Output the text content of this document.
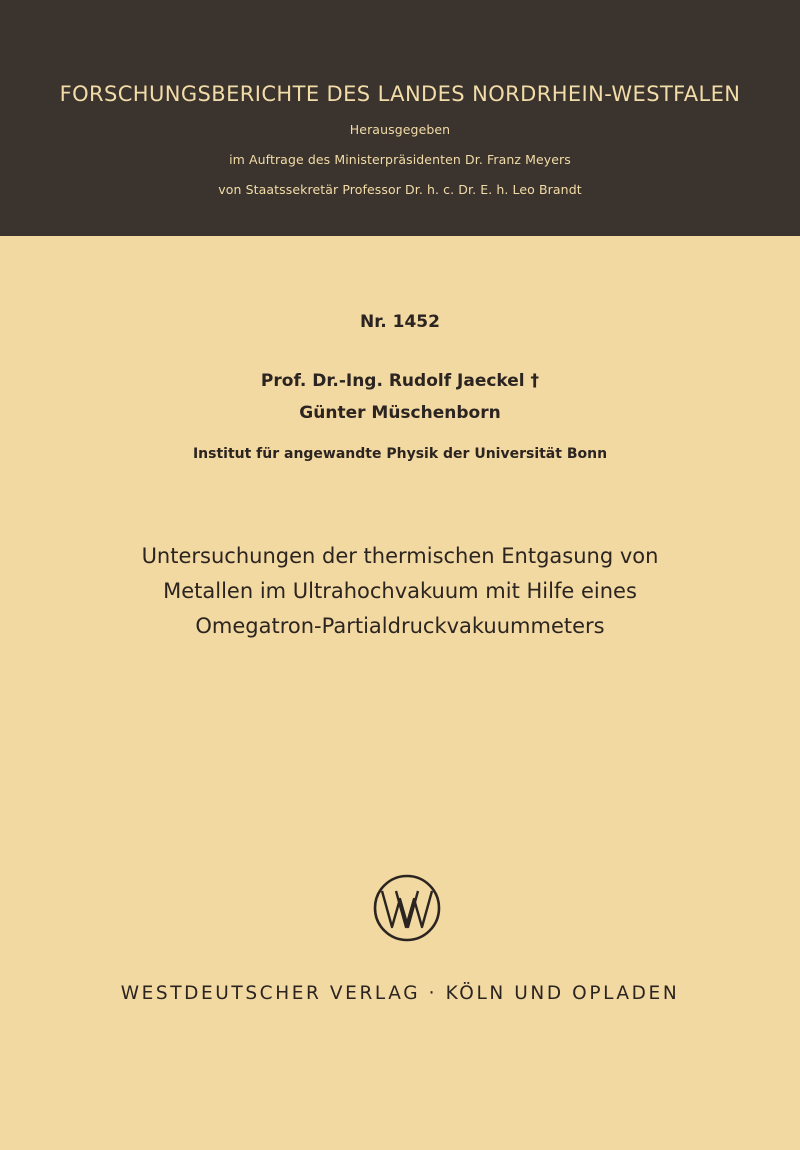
FORSCHUNGSBERICHTE DES LANDES NORDRHEIN-WESTFALEN
Herausgegeben
im Auftrage des Ministerpräsidenten Dr. Franz Meyers
von Staatssekretär Professor Dr. h. c. Dr. E. h. Leo Brandt
Nr. 1452
Prof. Dr.-Ing. Rudolf Jaeckel †
Günter Müschenborn
Institut für angewandte Physik der Universität Bonn
Untersuchungen der thermischen Entgasung von
Metallen im Ultrahochvakuum mit Hilfe eines
Omegatron-Partialdruckvakuummeters
WESTDEUTSCHER VERLAG · KÖLN UND OPLADEN
